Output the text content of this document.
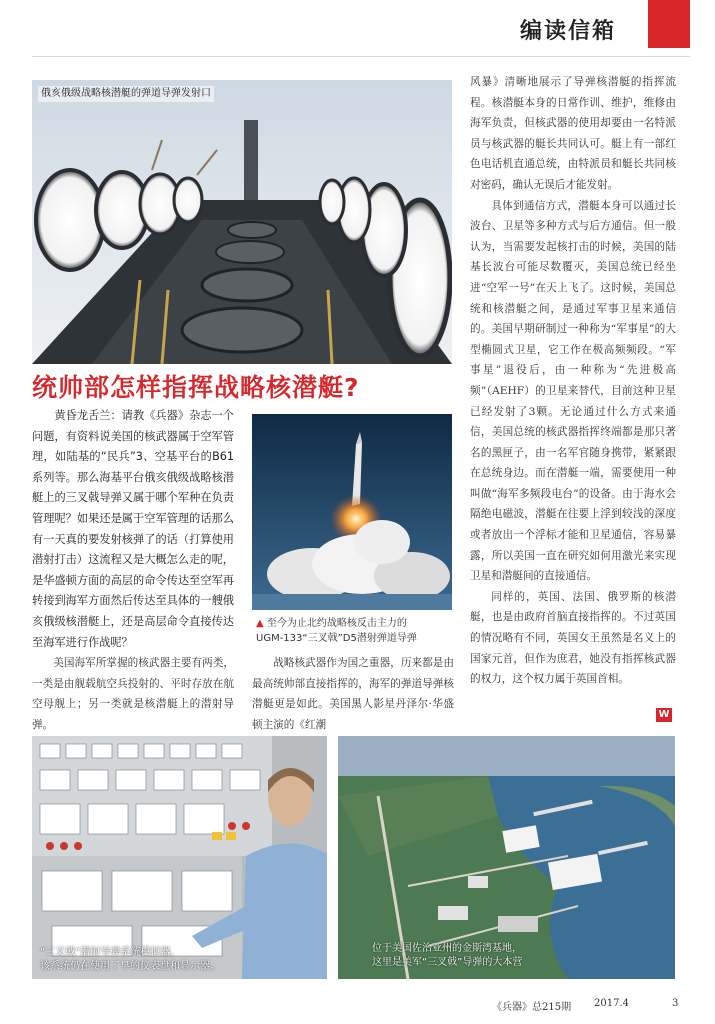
编读信箱
俄亥俄级战略核潜艇的弹道导弹发射口
统帅部怎样指挥战略核潜艇?
黄昏龙舌兰：请教《兵器》杂志一个问题，有资料说美国的核武器属于空军管理，如陆基的“民兵”3、空基平台的B61系列等。那么海基平台俄亥俄级战略核潜艇上的三叉戟导弹又属于哪个军种在负责管理呢？如果还是属于空军管理的话那么有一天真的要发射核弹了的话（打算使用潜射打击）这流程又是大概怎么走的呢，是华盛顿方面的高层的命令传达至空军再转接到海军方面然后传达至具体的一艘俄亥俄级核潜艇上，还是高层命令直接传达至海军进行作战呢？
美国海军所掌握的核武器主要有两类，一类是由舰载航空兵投射的、平时存放在航空母舰上；另一类就是核潜艇上的潜射导弹。
▲ 至今为止北约战略核反击主力的
UGM-133“三叉戟”D5潜射弹道导弹
战略核武器作为国之重器，历来都是由最高统帅部直接指挥的，海军的弹道导弹核潜艇更是如此。美国黑人影星丹泽尔·华盛顿主演的《红潮
风暴》清晰地展示了导弹核潜艇的指挥流程。核潜艇本身的日常作训、维护，维修由海军负责，但核武器的使用却要由一名特派员与核武器的艇长共同认可。艇上有一部红色电话机直通总统，由特派员和艇长共同核对密码，确认无误后才能发射。
具体到通信方式，潜艇本身可以通过长波台、卫星等多种方式与后方通信。但一般认为，当需要发起核打击的时候，美国的陆基长波台可能尽数覆灭，美国总统已经坐进“空军一号”在天上飞了。这时候，美国总统和核潜艇之间，是通过军事卫星来通信的。美国早期研制过一种称为“军事星”的大型椭圆式卫星，它工作在极高频频段。“军事星”退役后，由一种称为“先进极高频”（AEHF）的卫星来替代，目前这种卫星已经发射了3颗。无论通过什么方式来通信，美国总统的核武器指挥终端都是那只著名的黑匣子，由一名军官随身携带，紧紧跟在总统身边。而在潜艇一端，需要使用一种叫做“海军多频段电台”的设备。由于海水会隔绝电磁波，潜艇在往要上浮到较浅的深度或者放出一个浮标才能和卫星通信，容易暴露，所以美国一直在研究如何用激光来实现卫星和潜艇间的直接通信。
同样的，英国、法国、俄罗斯的核潜艇，也是由政府首脑直接指挥的。不过英国的情况略有不同，英国女王虽然是名义上的国家元首，但作为庶君，她没有指挥核武器的权力，这个权力属于英国首相。
W
“三叉戟”潜射导弹系统模拟器，
该系统仍在使用了早的仪表盘和显示器。
位于美国佐治亚州的金斯湾基地，
这里是美军“三叉戟”导弹的大本营
《兵器》总215期 2017.4	3
